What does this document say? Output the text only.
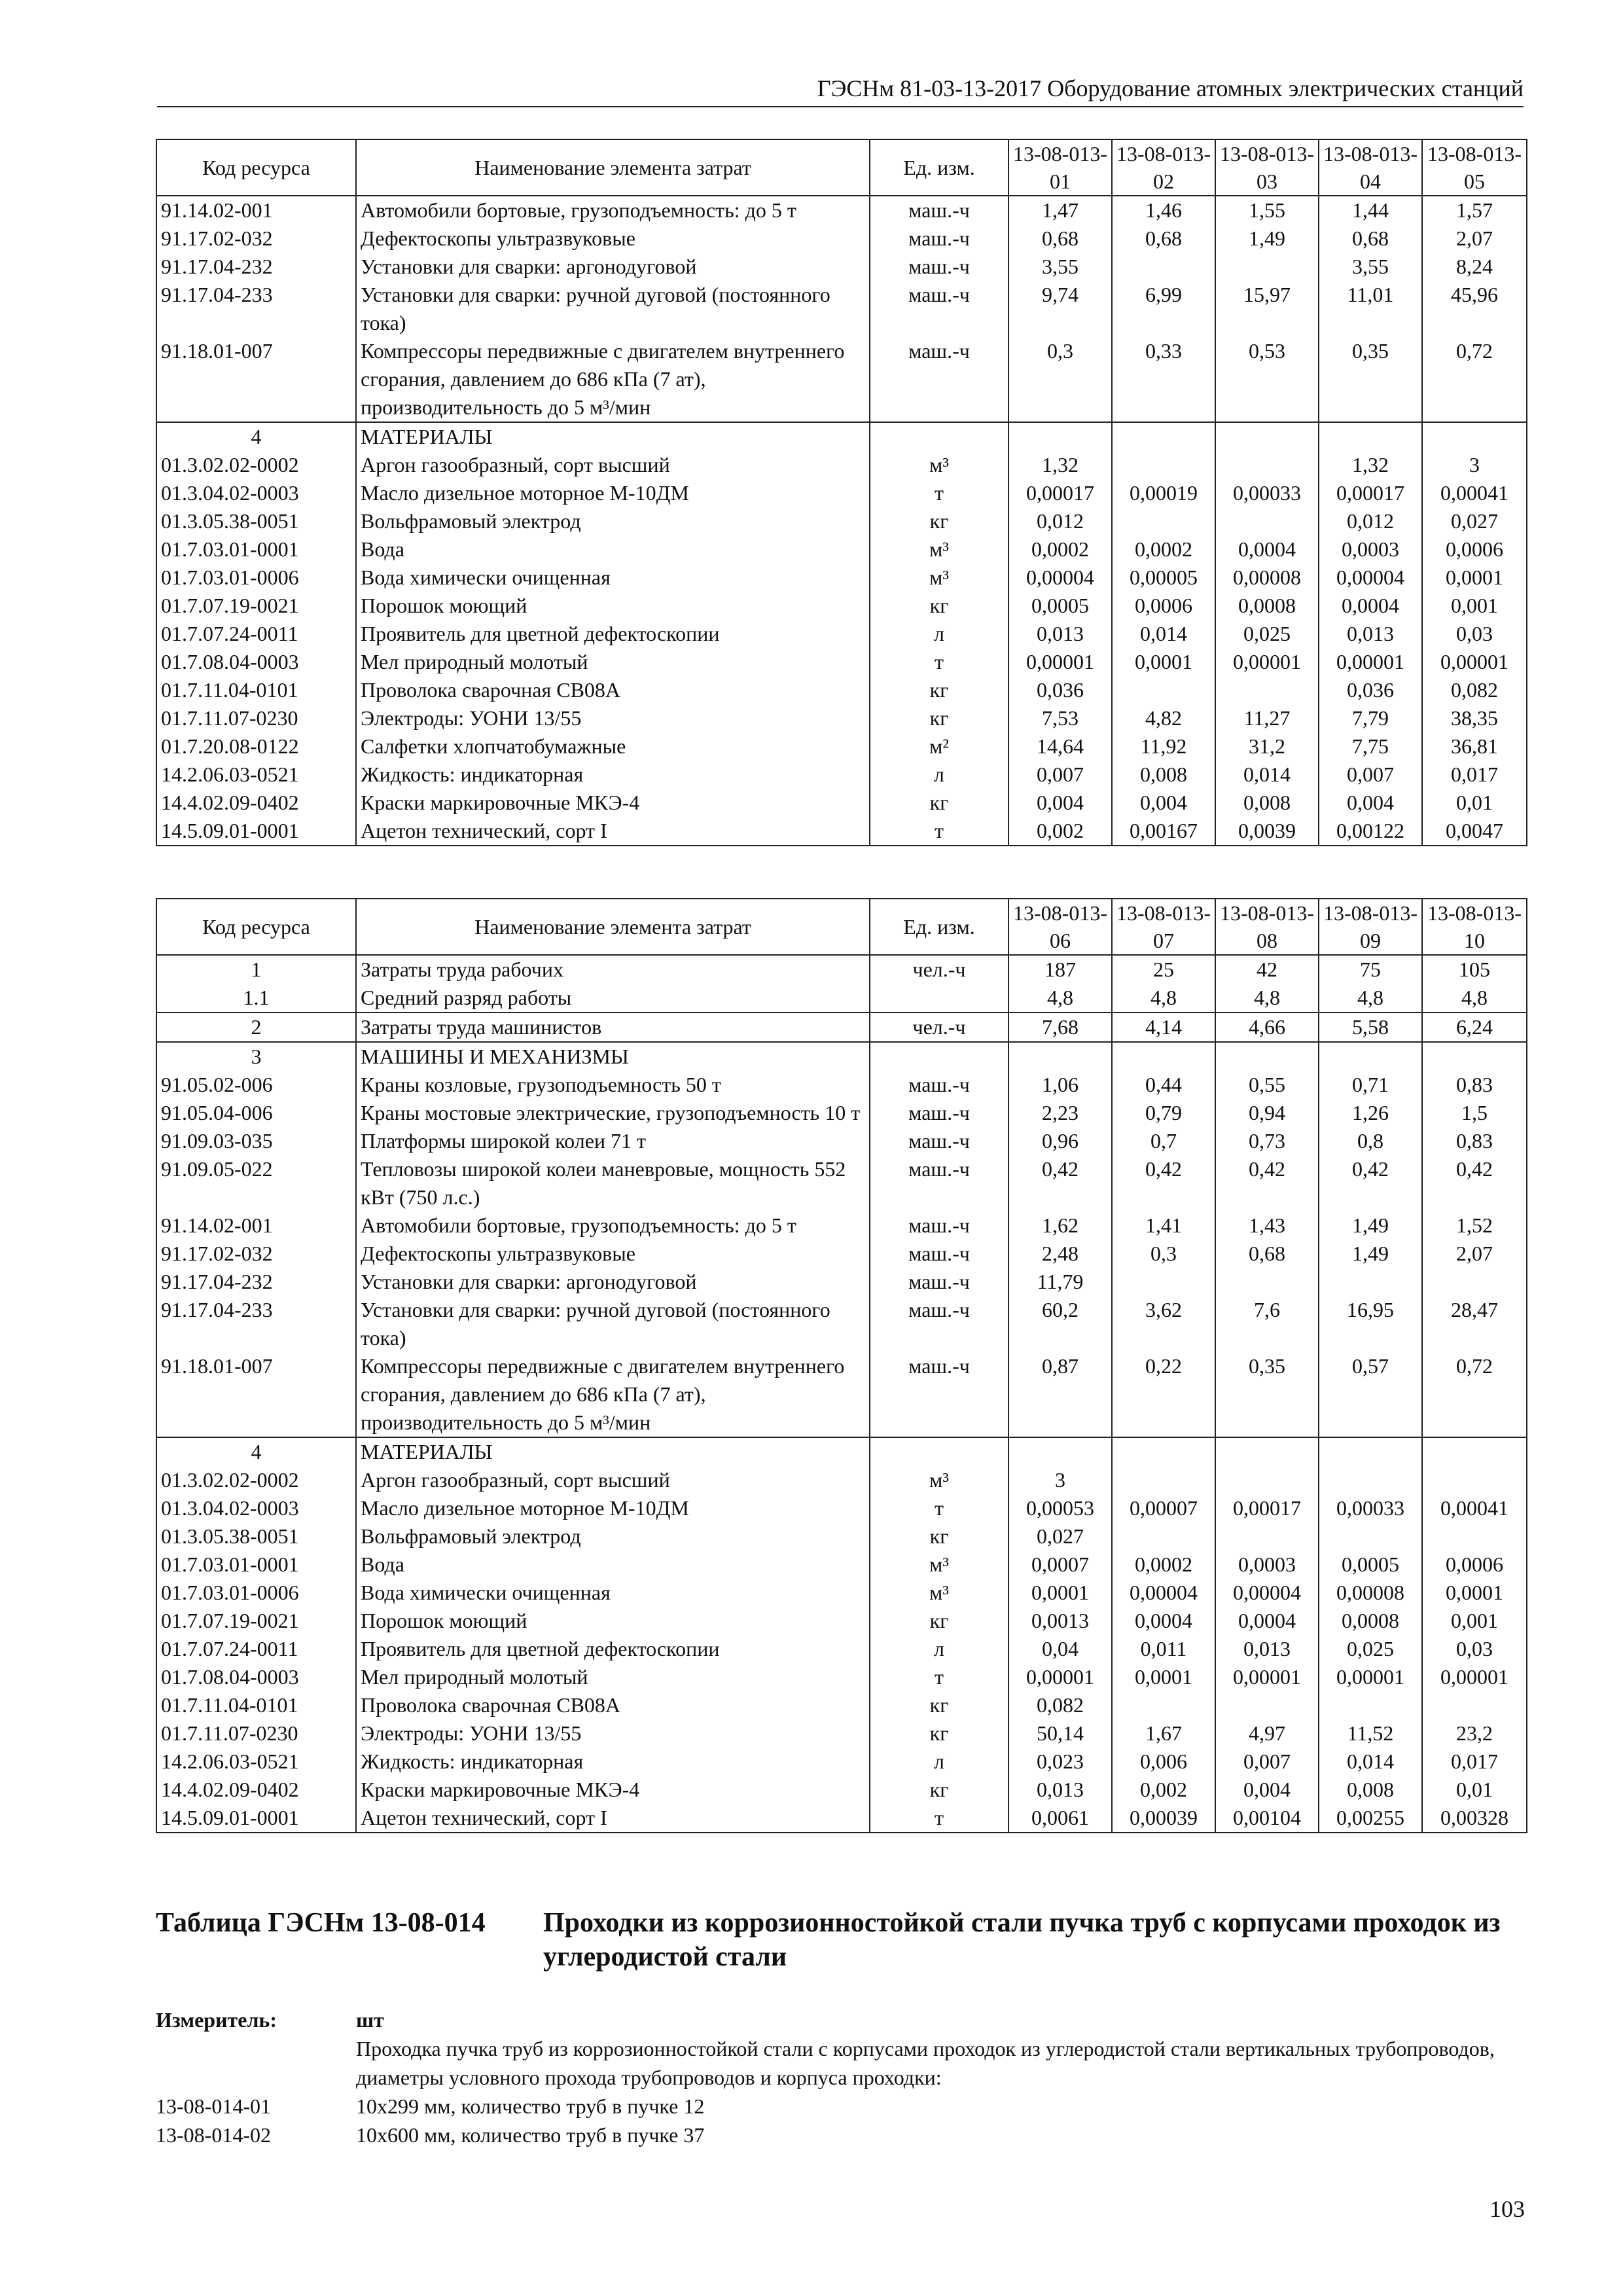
ГЭСНм 81-03-13-2017 Оборудование атомных электрических станций
Код ресурса	Наименование элемента затрат	Ед. изм.	13-08-013-01	13-08-013-02	13-08-013-03	13-08-013-04	13-08-013-05
91.14.02-001	Автомобили бортовые, грузоподъемность: до 5 т	маш.-ч	1,47	1,46	1,55	1,44	1,57
91.17.02-032	Дефектоскопы ультразвуковые	маш.-ч	0,68	0,68	1,49	0,68	2,07
91.17.04-232	Установки для сварки: аргонодуговой	маш.-ч	3,55			3,55	8,24
91.17.04-233	Установки для сварки: ручной дуговой (постоянного тока)	маш.-ч	9,74	6,99	15,97	11,01	45,96
91.18.01-007	Компрессоры передвижные с двигателем внутреннего сгорания, давлением до 686 кПа (7 ат), производительность до 5 м³/мин	маш.-ч	0,3	0,33	0,53	0,35	0,72
4	МАТЕРИАЛЫ						
01.3.02.02-0002	Аргон газообразный, сорт высший	м³	1,32			1,32	3
01.3.04.02-0003	Масло дизельное моторное М-10ДМ	т	0,00017	0,00019	0,00033	0,00017	0,00041
01.3.05.38-0051	Вольфрамовый электрод	кг	0,012			0,012	0,027
01.7.03.01-0001	Вода	м³	0,0002	0,0002	0,0004	0,0003	0,0006
01.7.03.01-0006	Вода химически очищенная	м³	0,00004	0,00005	0,00008	0,00004	0,0001
01.7.07.19-0021	Порошок моющий	кг	0,0005	0,0006	0,0008	0,0004	0,001
01.7.07.24-0011	Проявитель для цветной дефектоскопии	л	0,013	0,014	0,025	0,013	0,03
01.7.08.04-0003	Мел природный молотый	т	0,00001	0,0001	0,00001	0,00001	0,00001
01.7.11.04-0101	Проволока сварочная СВ08А	кг	0,036			0,036	0,082
01.7.11.07-0230	Электроды: УОНИ 13/55	кг	7,53	4,82	11,27	7,79	38,35
01.7.20.08-0122	Салфетки хлопчатобумажные	м²	14,64	11,92	31,2	7,75	36,81
14.2.06.03-0521	Жидкость: индикаторная	л	0,007	0,008	0,014	0,007	0,017
14.4.02.09-0402	Краски маркировочные МКЭ-4	кг	0,004	0,004	0,008	0,004	0,01
14.5.09.01-0001	Ацетон технический, сорт I	т	0,002	0,00167	0,0039	0,00122	0,0047
Код ресурса	Наименование элемента затрат	Ед. изм.	13-08-013-06	13-08-013-07	13-08-013-08	13-08-013-09	13-08-013-10
1	Затраты труда рабочих	чел.-ч	187	25	42	75	105
1.1	Средний разряд работы		4,8	4,8	4,8	4,8	4,8
2	Затраты труда машинистов	чел.-ч	7,68	4,14	4,66	5,58	6,24
3	МАШИНЫ И МЕХАНИЗМЫ						
91.05.02-006	Краны козловые, грузоподъемность 50 т	маш.-ч	1,06	0,44	0,55	0,71	0,83
91.05.04-006	Краны мостовые электрические, грузоподъемность 10 т	маш.-ч	2,23	0,79	0,94	1,26	1,5
91.09.03-035	Платформы широкой колеи 71 т	маш.-ч	0,96	0,7	0,73	0,8	0,83
91.09.05-022	Тепловозы широкой колеи маневровые, мощность 552 кВт (750 л.с.)	маш.-ч	0,42	0,42	0,42	0,42	0,42
91.14.02-001	Автомобили бортовые, грузоподъемность: до 5 т	маш.-ч	1,62	1,41	1,43	1,49	1,52
91.17.02-032	Дефектоскопы ультразвуковые	маш.-ч	2,48	0,3	0,68	1,49	2,07
91.17.04-232	Установки для сварки: аргонодуговой	маш.-ч	11,79				
91.17.04-233	Установки для сварки: ручной дуговой (постоянного тока)	маш.-ч	60,2	3,62	7,6	16,95	28,47
91.18.01-007	Компрессоры передвижные с двигателем внутреннего сгорания, давлением до 686 кПа (7 ат), производительность до 5 м³/мин	маш.-ч	0,87	0,22	0,35	0,57	0,72
4	МАТЕРИАЛЫ						
01.3.02.02-0002	Аргон газообразный, сорт высший	м³	3				
01.3.04.02-0003	Масло дизельное моторное М-10ДМ	т	0,00053	0,00007	0,00017	0,00033	0,00041
01.3.05.38-0051	Вольфрамовый электрод	кг	0,027				
01.7.03.01-0001	Вода	м³	0,0007	0,0002	0,0003	0,0005	0,0006
01.7.03.01-0006	Вода химически очищенная	м³	0,0001	0,00004	0,00004	0,00008	0,0001
01.7.07.19-0021	Порошок моющий	кг	0,0013	0,0004	0,0004	0,0008	0,001
01.7.07.24-0011	Проявитель для цветной дефектоскопии	л	0,04	0,011	0,013	0,025	0,03
01.7.08.04-0003	Мел природный молотый	т	0,00001	0,0001	0,00001	0,00001	0,00001
01.7.11.04-0101	Проволока сварочная СВ08А	кг	0,082				
01.7.11.07-0230	Электроды: УОНИ 13/55	кг	50,14	1,67	4,97	11,52	23,2
14.2.06.03-0521	Жидкость: индикаторная	л	0,023	0,006	0,007	0,014	0,017
14.4.02.09-0402	Краски маркировочные МКЭ-4	кг	0,013	0,002	0,004	0,008	0,01
14.5.09.01-0001	Ацетон технический, сорт I	т	0,0061	0,00039	0,00104	0,00255	0,00328
Таблица ГЭСНм 13-08-014 Проходки из коррозионностойкой стали пучка труб с корпусами проходок из углеродистой стали
Измеритель:	шт
Проходка пучка труб из коррозионностойкой стали с корпусами проходок из углеродистой стали вертикальных трубопроводов, диаметры условного прохода трубопроводов и корпуса проходки:
13-08-014-01	10х299 мм, количество труб в пучке 12
13-08-014-02	10х600 мм, количество труб в пучке 37
103
